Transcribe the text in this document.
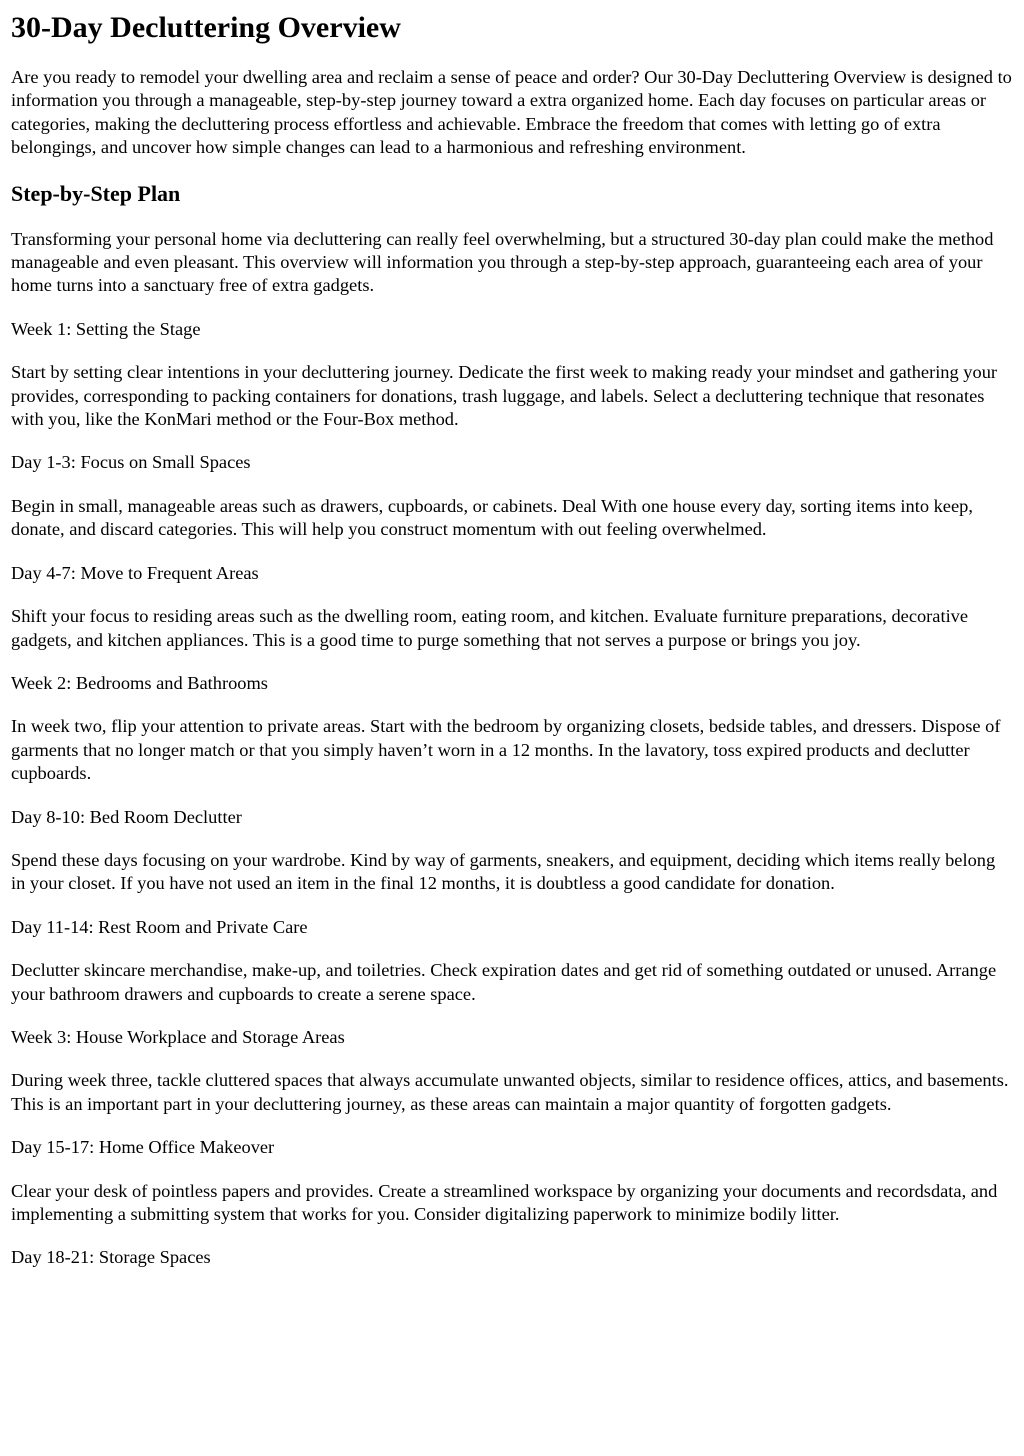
30-Day Decluttering Overview

Are you ready to remodel your dwelling area and reclaim a sense of peace and order? Our 30-Day Decluttering Overview is designed to information you through a manageable, step-by-step journey toward a extra organized home. Each day focuses on particular areas or categories, making the decluttering process effortless and achievable. Embrace the freedom that comes with letting go of extra belongings, and uncover how simple changes can lead to a harmonious and refreshing environment.

Step-by-Step Plan

Transforming your personal home via decluttering can really feel overwhelming, but a structured 30-day plan could make the method manageable and even pleasant. This overview will information you through a step-by-step approach, guaranteeing each area of your home turns into a sanctuary free of extra gadgets.

Week 1: Setting the Stage

Start by setting clear intentions in your decluttering journey. Dedicate the first week to making ready your mindset and gathering your provides, corresponding to packing containers for donations, trash luggage, and labels. Select a decluttering technique that resonates with you, like the KonMari method or the Four-Box method.

Day 1-3: Focus on Small Spaces

Begin in small, manageable areas such as drawers, cupboards, or cabinets. Deal With one house every day, sorting items into keep, donate, and discard categories. This will help you construct momentum with out feeling overwhelmed.

Day 4-7: Move to Frequent Areas

Shift your focus to residing areas such as the dwelling room, eating room, and kitchen. Evaluate furniture preparations, decorative gadgets, and kitchen appliances. This is a good time to purge something that not serves a purpose or brings you joy.

Week 2: Bedrooms and Bathrooms

In week two, flip your attention to private areas. Start with the bedroom by organizing closets, bedside tables, and dressers. Dispose of garments that no longer match or that you simply haven’t worn in a 12 months. In the lavatory, toss expired products and declutter cupboards.

Day 8-10: Bed Room Declutter

Spend these days focusing on your wardrobe. Kind by way of garments, sneakers, and equipment, deciding which items really belong in your closet. If you have not used an item in the final 12 months, it is doubtless a good candidate for donation.

Day 11-14: Rest Room and Private Care

Declutter skincare merchandise, make-up, and toiletries. Check expiration dates and get rid of something outdated or unused. Arrange your bathroom drawers and cupboards to create a serene space.

Week 3: House Workplace and Storage Areas

During week three, tackle cluttered spaces that always accumulate unwanted objects, similar to residence offices, attics, and basements. This is an important part in your decluttering journey, as these areas can maintain a major quantity of forgotten gadgets.

Day 15-17: Home Office Makeover

Clear your desk of pointless papers and provides. Create a streamlined workspace by organizing your documents and recordsdata, and implementing a submitting system that works for you. Consider digitalizing paperwork to minimize bodily litter.

Day 18-21: Storage Spaces
